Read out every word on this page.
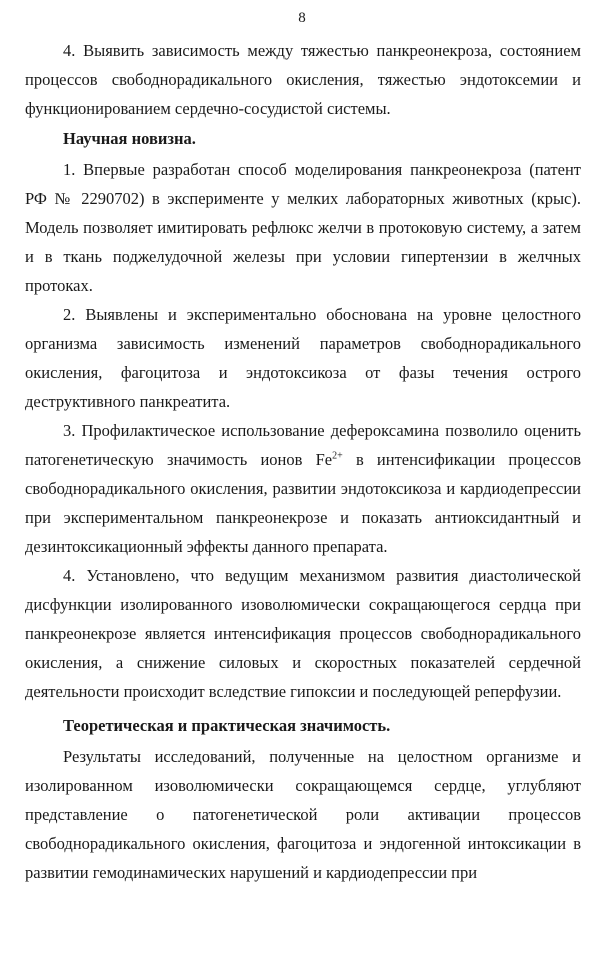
8

4. Выявить зависимость между тяжестью панкреонекроза, состоянием процессов свободнорадикального окисления, тяжестью эндотоксемии и функционированием сердечно-сосудистой системы.

Научная новизна.

1. Впервые разработан способ моделирования панкреонекроза (патент РФ № 2290702) в эксперименте у мелких лабораторных животных (крыс). Модель позволяет имитировать рефлюкс желчи в протоковую систему, а затем и в ткань поджелудочной железы при условии гипертензии в желчных протоках.

2. Выявлены и экспериментально обоснована на уровне целостного организма зависимость изменений параметров свободнорадикального окисления, фагоцитоза и эндотоксикоза от фазы течения острого деструктивного панкреатита.

3. Профилактическое использование дефероксамина позволило оценить патогенетическую значимость ионов $Fe^{2+}$ в интенсификации процессов свободнорадикального окисления, развитии эндотоксикоза и кардиодепрессии при экспериментальном панкреонекрозе и показать антиоксидантный и дезинтоксикационный эффекты данного препарата.

4. Установлено, что ведущим механизмом развития диастолической дисфункции изолированного изоволюмически сокращающегося сердца при панкреонекрозе является интенсификация процессов свободнорадикального окисления, а снижение силовых и скоростных показателей сердечной деятельности происходит вследствие гипоксии и последующей реперфузии.

Теоретическая и практическая значимость.

Результаты исследований, полученные на целостном организме и изолированном изоволюмически сокращающемся сердце, углубляют представление о патогенетической роли активации процессов свободнорадикального окисления, фагоцитоза и эндогенной интоксикации в развитии гемодинамических нарушений и кардиодепрессии при
